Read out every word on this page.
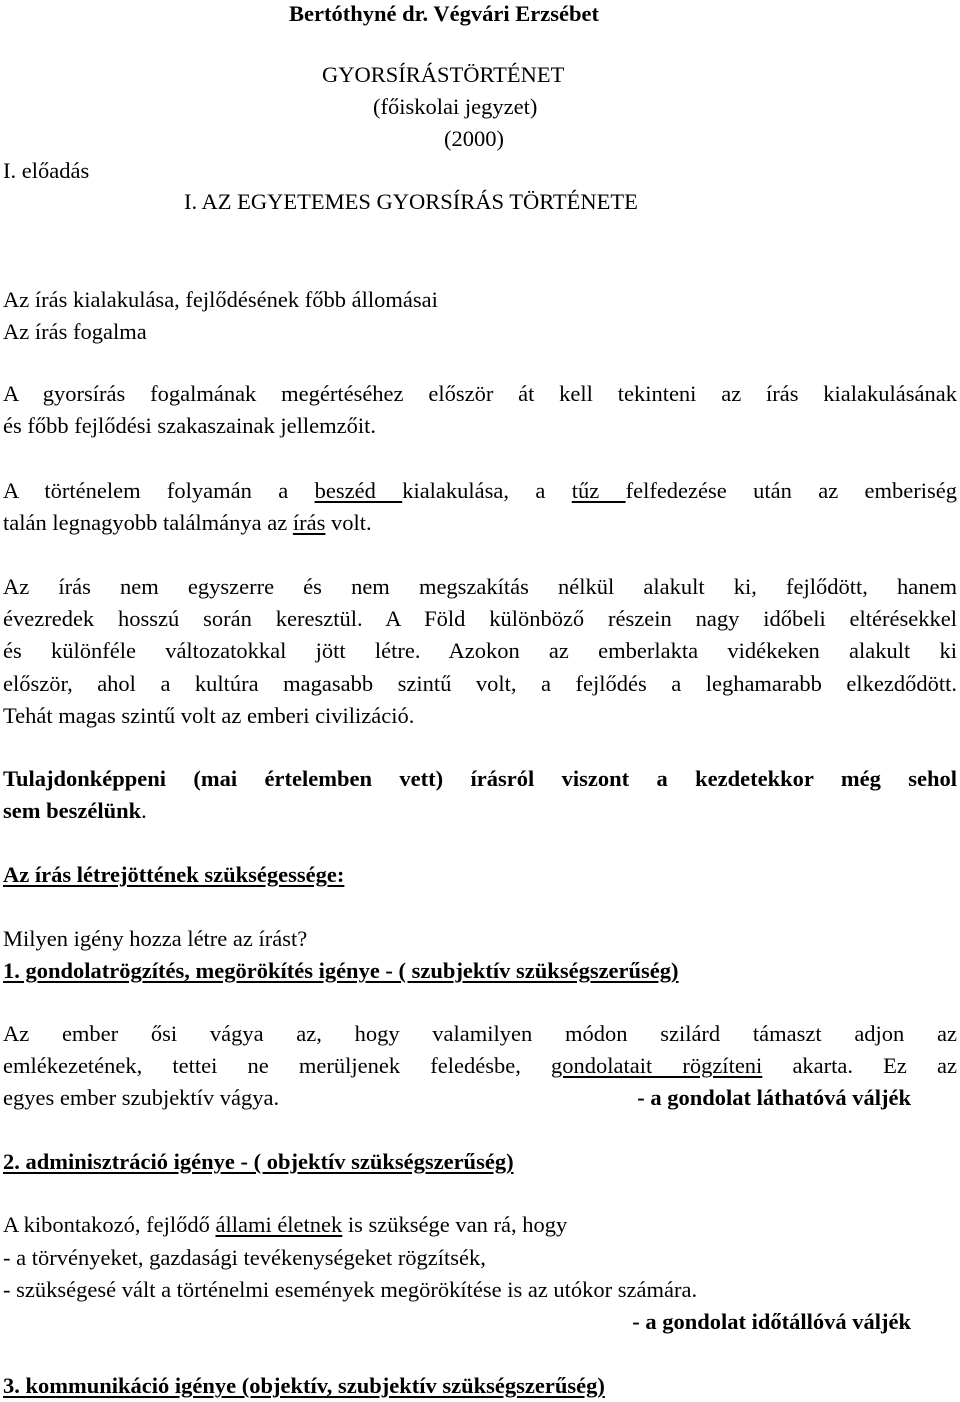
Bertóthyné dr. Végvári Erzsébet
GYORSÍRÁSTÖRTÉNET
(főiskolai jegyzet)
(2000)
I. előadás
I. AZ EGYETEMES GYORSÍRÁS TÖRTÉNETE
Az írás kialakulása, fejlődésének főbb állomásai
Az írás fogalma
A gyorsírás fogalmának megértéséhez először át kell tekinteni az írás kialakulásának
és főbb fejlődési szakaszainak jellemzőit.
A történelem folyamán a beszéd kialakulása, a tűz felfedezése után az emberiség
talán legnagyobb találmánya az írás volt.
Az írás nem egyszerre és nem megszakítás nélkül alakult ki, fejlődött, hanem
évezredek hosszú során keresztül. A Föld különböző részein nagy időbeli eltérésekkel
és különféle változatokkal jött létre. Azokon az emberlakta vidékeken alakult ki
először, ahol a kultúra magasabb szintű volt, a fejlődés a leghamarabb elkezdődött.
Tehát magas szintű volt az emberi civilizáció.
Tulajdonképpeni (mai értelemben vett) írásról viszont a kezdetekkor még sehol
sem beszélünk.
Az írás létrejöttének szükségessége:
Milyen igény hozza létre az írást?
1. gondolatrögzítés, megörökítés igénye - ( szubjektív szükségszerűség)
Az ember ősi vágya az, hogy valamilyen módon szilárd támaszt adjon az
emlékezetének, tettei ne merüljenek feledésbe, gondolatait rögzíteni akarta. Ez az
egyes ember szubjektív vágya.	- a gondolat láthatóvá váljék
2. adminisztráció igénye - ( objektív szükségszerűség)
A kibontakozó, fejlődő állami életnek is szüksége van rá, hogy
- a törvényeket, gazdasági tevékenységeket rögzítsék,
- szükségesé vált a történelmi események megörökítése is az utókor számára.
- a gondolat időtállóvá váljék
3. kommunikáció igénye (objektív, szubjektív szükségszerűség)
